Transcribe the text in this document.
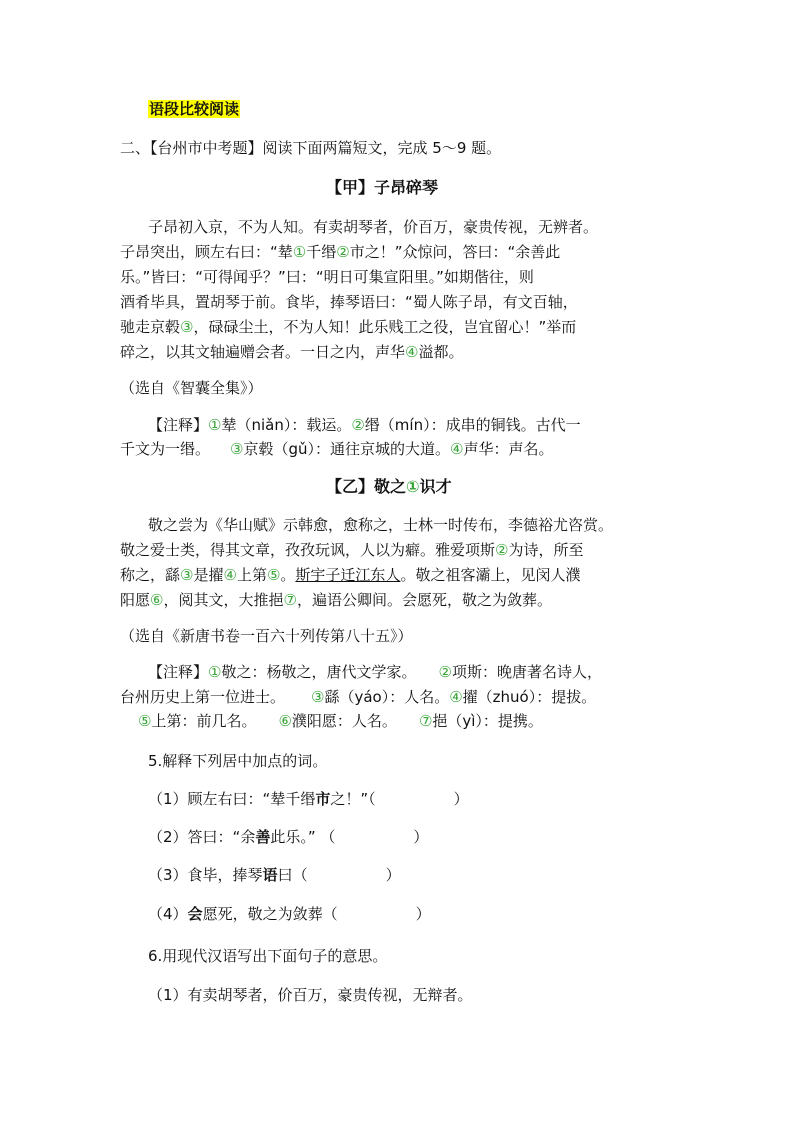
语段比较阅读
二、【台州市中考题】阅读下面两篇短文，完成 5～9 题。
【甲】子昂碎琴
子昂初入京，不为人知。有卖胡琴者，价百万，豪贵传视，无辨者。
子昂突出，顾左右曰：“辇①千缗②市之！”众惊问，答曰：“余善此
乐。”皆曰：“可得闻乎？”曰：“明日可集宣阳里。”如期偕往，则
酒肴毕具，置胡琴于前。食毕，捧琴语曰：“蜀人陈子昂，有文百轴，
驰走京毂③，碌碌尘土，不为人知！此乐贱工之役，岂宜留心！”举而
碎之，以其文轴遍赠会者。一日之内，声华④溢都。
（选自《智囊全集》）
【注释】①辇（niǎn）：载运。②缗（mín）：成串的铜钱。古代一
千文为一缗。 ③京毂（gǔ）：通往京城的大道。④声华：声名。
【乙】敬之①识才
敬之尝为《华山赋》示韩愈，愈称之，士林一时传布，李德裕尤咨赏。
敬之爱士类，得其文章，孜孜玩讽，人以为癖。雅爱项斯②为诗，所至
称之，繇③是擢④上第⑤。斯宇子迁江东人。敬之祖客灞上，见闵人濮
阳愿⑥，阅其文，大推挹⑦，遍语公卿间。会愿死，敬之为敛葬。
（选自《新唐书卷一百六十列传第八十五》）
【注释】①敬之：杨敬之，唐代文学家。 ②项斯：晚唐著名诗人，
台州历史上第一位进士。 ③繇（yáo）：人名。④擢（zhuó）：提拔。
⑤上第：前几名。 ⑥濮阳愿：人名。 ⑦挹（yì）：提携。
5.解释下列居中加点的词。
（1）顾左右曰：“辇千缗市之！”（	）
（2）答曰：“余善此乐。” （	）
（3）食毕，捧琴语曰（	）
（4）会愿死，敬之为敛葬（	）
6.用现代汉语写出下面句子的意思。
（1）有卖胡琴者，价百万，豪贵传视，无辩者。
